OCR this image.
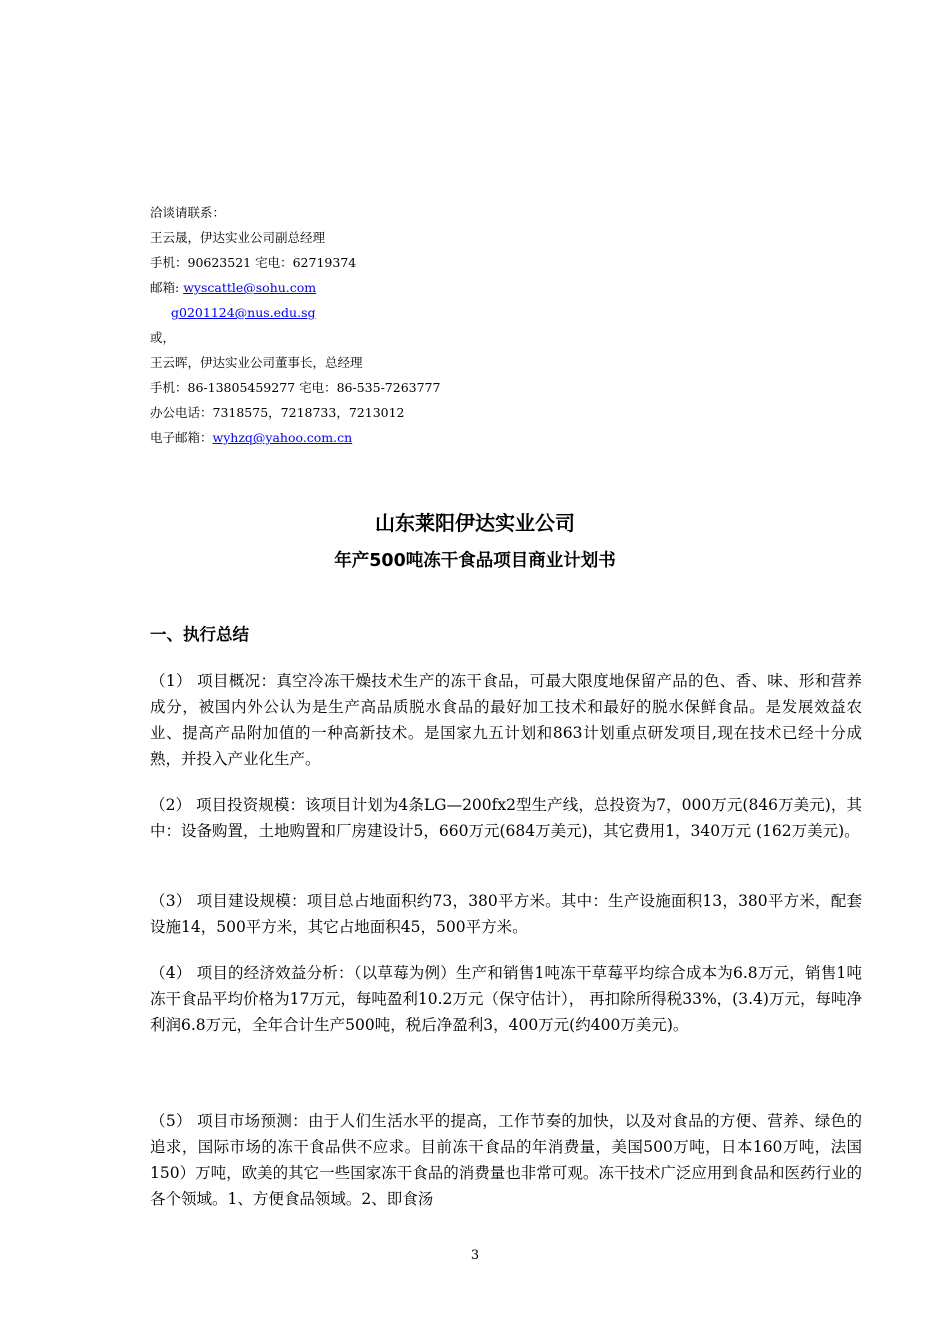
洽谈请联系：
王云晟，伊达实业公司副总经理
手机：90623521 宅电：62719374
邮箱: wyscattle@sohu.com
g0201124@nus.edu.sg
或，
王云晖，伊达实业公司董事长，总经理
手机：86-13805459277 宅电：86-535-7263777
办公电话：7318575，7218733，7213012
电子邮箱：wyhzq@yahoo.com.cn
山东莱阳伊达实业公司
年产500吨冻干食品项目商业计划书
一、执行总结
（1） 项目概况：真空冷冻干燥技术生产的冻干食品，可最大限度地保留产品的色、香、味、形和营养成分，被国内外公认为是生产高品质脱水食品的最好加工技术和最好的脱水保鲜食品。是发展效益农业、提高产品附加值的一种高新技术。是国家九五计划和863计划重点研发项目,现在技术已经十分成熟，并投入产业化生产。
（2） 项目投资规模：该项目计划为4条LG—200fx2型生产线，总投资为7，000万元(846万美元)，其中：设备购置，土地购置和厂房建设计5，660万元(684万美元)，其它费用1，340万元 (162万美元)。
（3） 项目建设规模：项目总占地面积约73，380平方米。其中：生产设施面积13，380平方米，配套设施14，500平方米，其它占地面积45，500平方米。
（4） 项目的经济效益分析：（以草莓为例）生产和销售1吨冻干草莓平均综合成本为6.8万元，销售1吨冻干食品平均价格为17万元，每吨盈利10.2万元（保守估计）， 再扣除所得税33%，(3.4)万元，每吨净利润6.8万元，全年合计生产500吨，税后净盈利3，400万元(约400万美元)。
（5） 项目市场预测：由于人们生活水平的提高，工作节奏的加快，以及对食品的方便、营养、绿色的追求，国际市场的冻干食品供不应求。目前冻干食品的年消费量，美国500万吨，日本160万吨，法国150）万吨，欧美的其它一些国家冻干食品的消费量也非常可观。冻干技术广泛应用到食品和医药行业的各个领域。1、方便食品领域。2、即食汤
3
